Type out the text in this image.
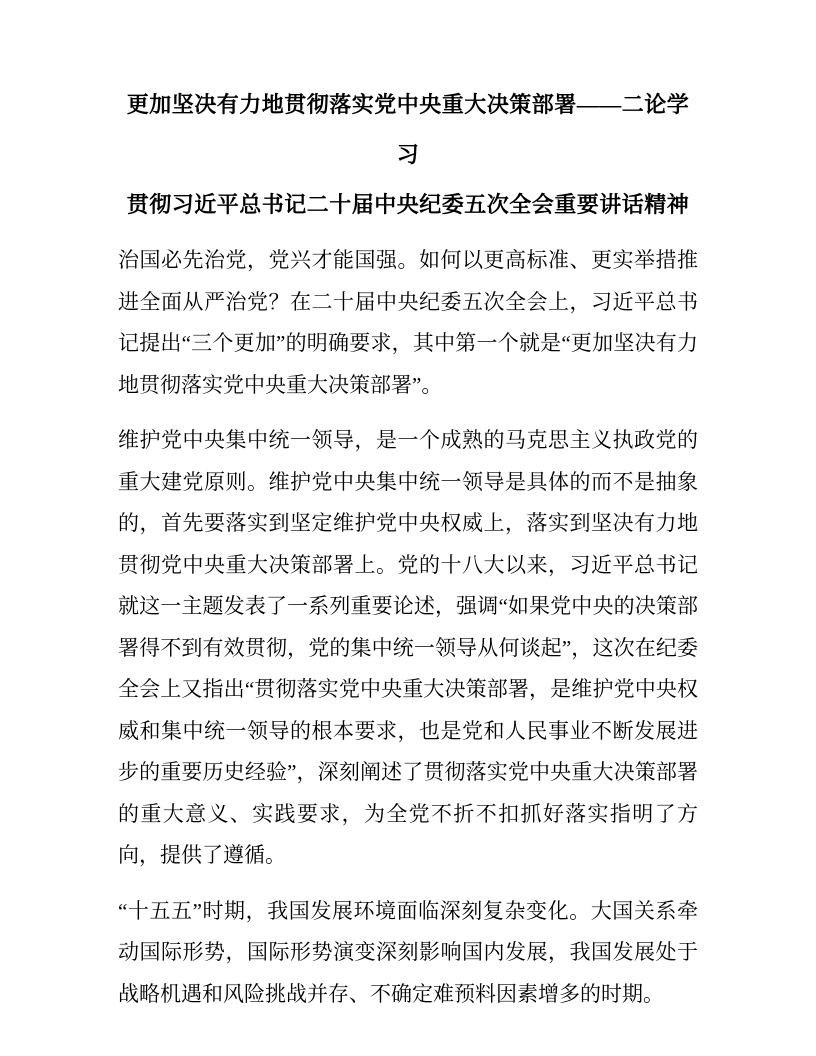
更加坚决有力地贯彻落实党中央重大决策部署——二论学习
贯彻习近平总书记二十届中央纪委五次全会重要讲话精神

治国必先治党，党兴才能国强。如何以更高标准、更实举措推进全面从严治党？在二十届中央纪委五次全会上，习近平总书记提出“三个更加”的明确要求，其中第一个就是“更加坚决有力地贯彻落实党中央重大决策部署”。

维护党中央集中统一领导，是一个成熟的马克思主义执政党的重大建党原则。维护党中央集中统一领导是具体的而不是抽象的，首先要落实到坚定维护党中央权威上，落实到坚决有力地贯彻党中央重大决策部署上。党的十八大以来，习近平总书记就这一主题发表了一系列重要论述，强调“如果党中央的决策部署得不到有效贯彻，党的集中统一领导从何谈起”，这次在纪委全会上又指出“贯彻落实党中央重大决策部署，是维护党中央权威和集中统一领导的根本要求，也是党和人民事业不断发展进步的重要历史经验”，深刻阐述了贯彻落实党中央重大决策部署的重大意义、实践要求，为全党不折不扣抓好落实指明了方向，提供了遵循。

“十五五”时期，我国发展环境面临深刻复杂变化。大国关系牵动国际形势，国际形势演变深刻影响国内发展，我国发展处于战略机遇和风险挑战并存、不确定难预料因素增多的时期。
